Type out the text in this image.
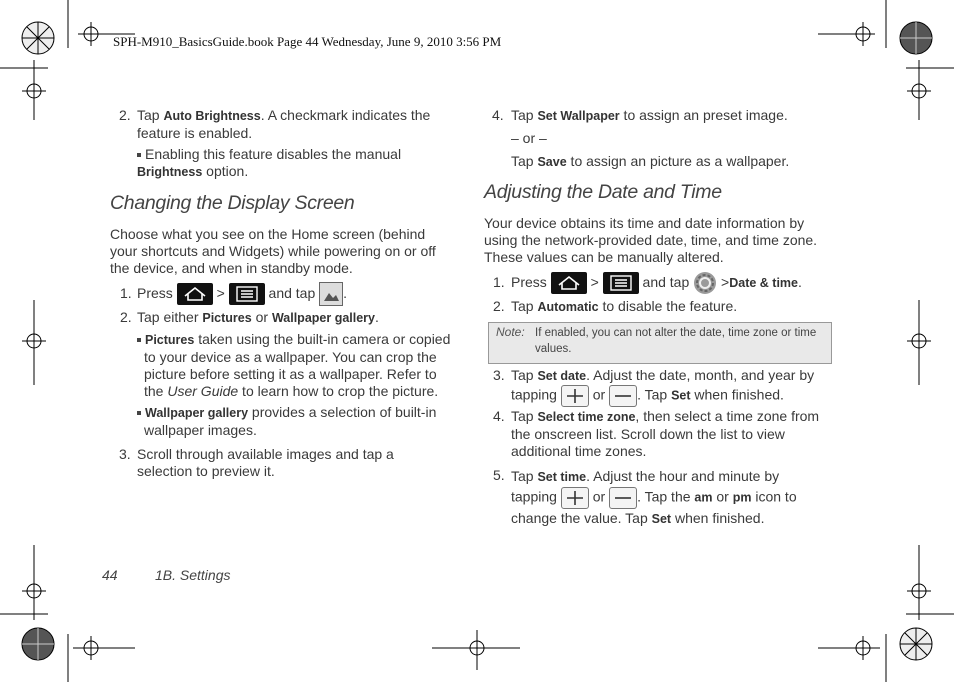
SPH-M910_BasicsGuide.book Page 44 Wednesday, June 9, 2010 3:56 PM
2. Tap Auto Brightness. A checkmark indicates the
feature is enabled.
Enabling this feature disables the manual
Brightness option.
Changing the Display Screen
Choose what you see on the Home screen (behind
your shortcuts and Widgets) while powering on or off
the device, and when in standby mode.
1. Press	>	and tap .
2. Tap either Pictures or Wallpaper gallery.
Pictures taken using the built-in camera or copied
to your device as a wallpaper. You can crop the
picture before setting it as a wallpaper. Refer to
the User Guide to learn how to crop the picture.
Wallpaper gallery provides a selection of built-in
wallpaper images.
3. Scroll through available images and tap a
selection to preview it.
4. Tap Set Wallpaper to assign an preset image.
– or –
Tap Save to assign an picture as a wallpaper.
Adjusting the Date and Time
Your device obtains its time and date information by
using the network-provided date, time, and time zone.
These values can be manually altered.
1. Press	>	and tap >Date & time.
2. Tap Automatic to disable the feature.
Note: If enabled, you can not alter the date, time zone or time
values.
3. Tap Set date. Adjust the date, month, and year by
tapping	or . Tap Set when finished.
4. Tap Select time zone, then select a time zone from
the onscreen list. Scroll down the list to view
additional time zones.
5. Tap Set time. Adjust the hour and minute by
tapping	or . Tap the am or pm icon to
change the value. Tap Set when finished.
44	1B. Settings
